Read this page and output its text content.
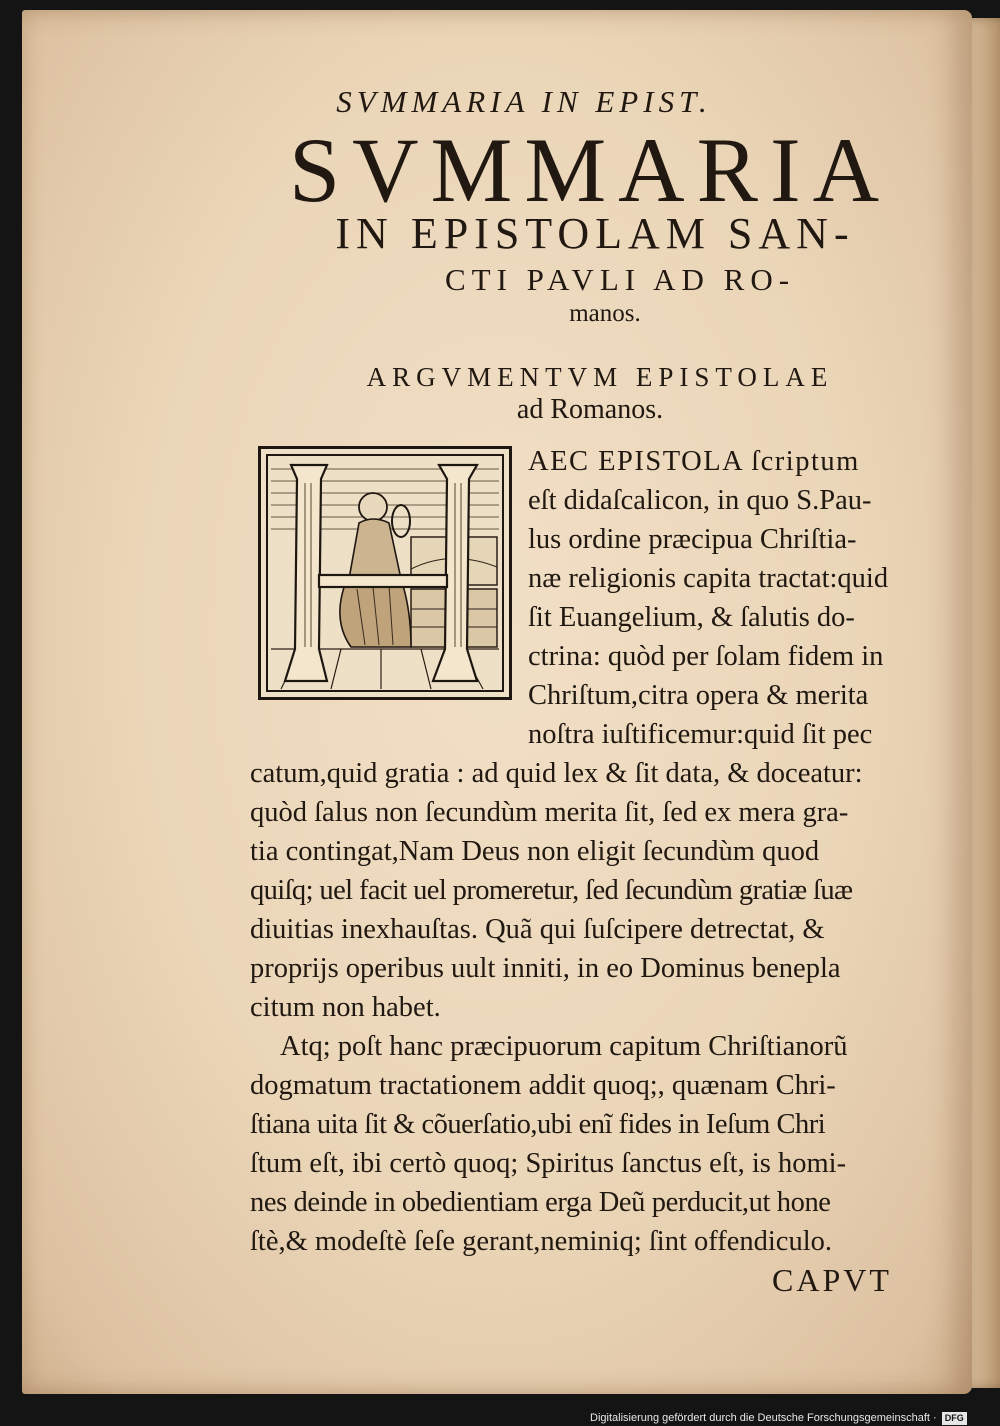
SVMMARIA IN EPIST.
SVMMARIA
IN EPISTOLAM SAN-
CTI PAVLI AD RO-
manos.
ARGVMENTVM EPISTOLAE
ad Romanos.
AEC EPISTOLA ſcriptum
eſt didaſcalicon, in quo S.Pau-
lus ordine præcipua Chriſtia-
næ religionis capita tractat:quid
ſit Euangelium, & ſalutis do-
ctrina: quòd per ſolam fidem in
Chriſtum,citra opera & merita
noſtra iuſtificemur:quid ſit pec
catum,quid gratia : ad quid lex & ſit data, & doceatur:
quòd ſalus non ſecundùm merita ſit, ſed ex mera gra-
tia contingat,Nam Deus non eligit ſecundùm quod
quiſq; uel facit uel promeretur, ſed ſecundùm gratiæ ſuæ
diuitias inexhauſtas. Quã qui ſuſcipere detrectat, &
proprijs operibus uult inniti, in eo Dominus benepla
citum non habet.
Atq; poſt hanc præcipuorum capitum Chriſtianorũ
dogmatum tractationem addit quoq;, quænam Chri-
ſtiana uita ſit & cõuerſatio,ubi enĩ fides in Ieſum Chri
ſtum eſt, ibi certò quoq; Spiritus ſanctus eſt, is homi-
nes deinde in obedientiam erga Deũ perducit,ut hone
ſtè,& modeſtè ſeſe gerant,neminiq; ſint offendiculo.
CAPVT
Digitalisierung gefördert durch die Deutsche Forschungsgemeinschaft · DFG
